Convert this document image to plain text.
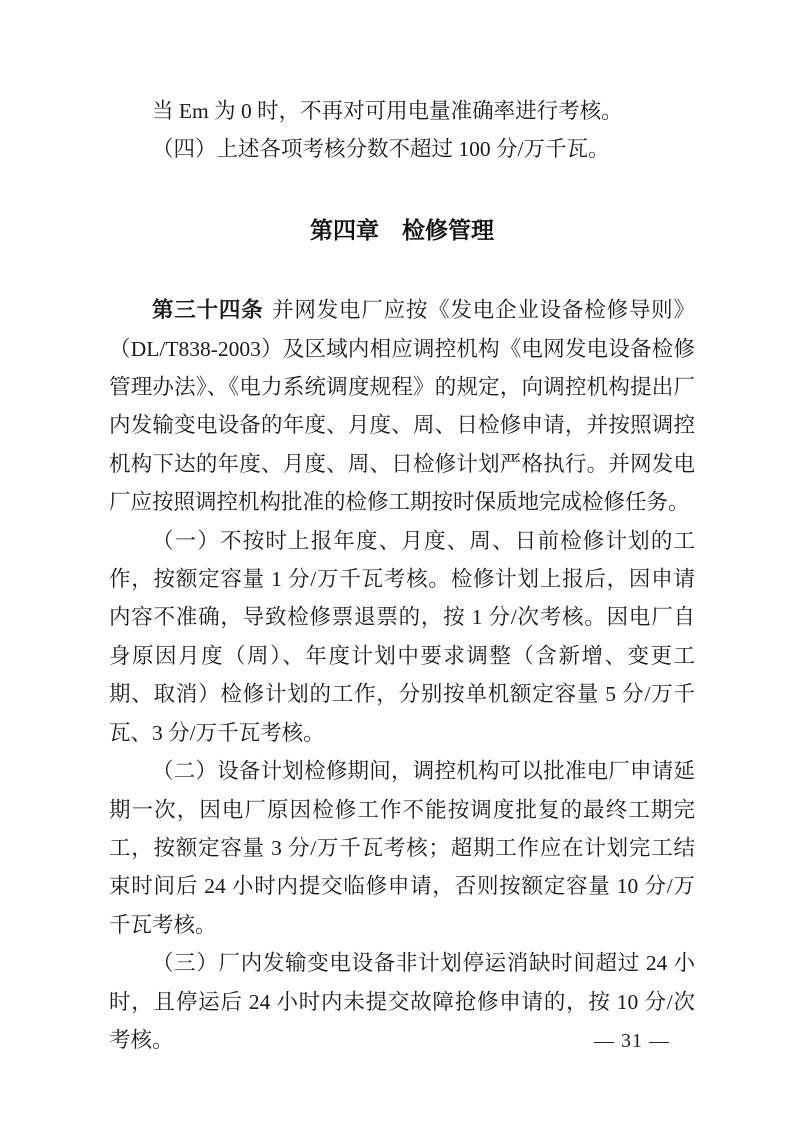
当 Em 为 0 时，不再对可用电量准确率进行考核。

（四）上述各项考核分数不超过 100 分/万千瓦。

第四章　检修管理

第三十四条 并网发电厂应按《发电企业设备检修导则》（DL/T838-2003）及区域内相应调控机构《电网发电设备检修管理办法》、《电力系统调度规程》的规定，向调控机构提出厂内发输变电设备的年度、月度、周、日检修申请，并按照调控机构下达的年度、月度、周、日检修计划严格执行。并网发电厂应按照调控机构批准的检修工期按时保质地完成检修任务。

（一）不按时上报年度、月度、周、日前检修计划的工作，按额定容量 1 分/万千瓦考核。检修计划上报后，因申请内容不准确，导致检修票退票的，按 1 分/次考核。因电厂自身原因月度（周）、年度计划中要求调整（含新增、变更工期、取消）检修计划的工作，分别按单机额定容量 5 分/万千瓦、3 分/万千瓦考核。

（二）设备计划检修期间，调控机构可以批准电厂申请延期一次，因电厂原因检修工作不能按调度批复的最终工期完工，按额定容量 3 分/万千瓦考核；超期工作应在计划完工结束时间后 24 小时内提交临修申请，否则按额定容量 10 分/万千瓦考核。

（三）厂内发输变电设备非计划停运消缺时间超过 24 小时，且停运后 24 小时内未提交故障抢修申请的，按 10 分/次考核。	— 31 —
